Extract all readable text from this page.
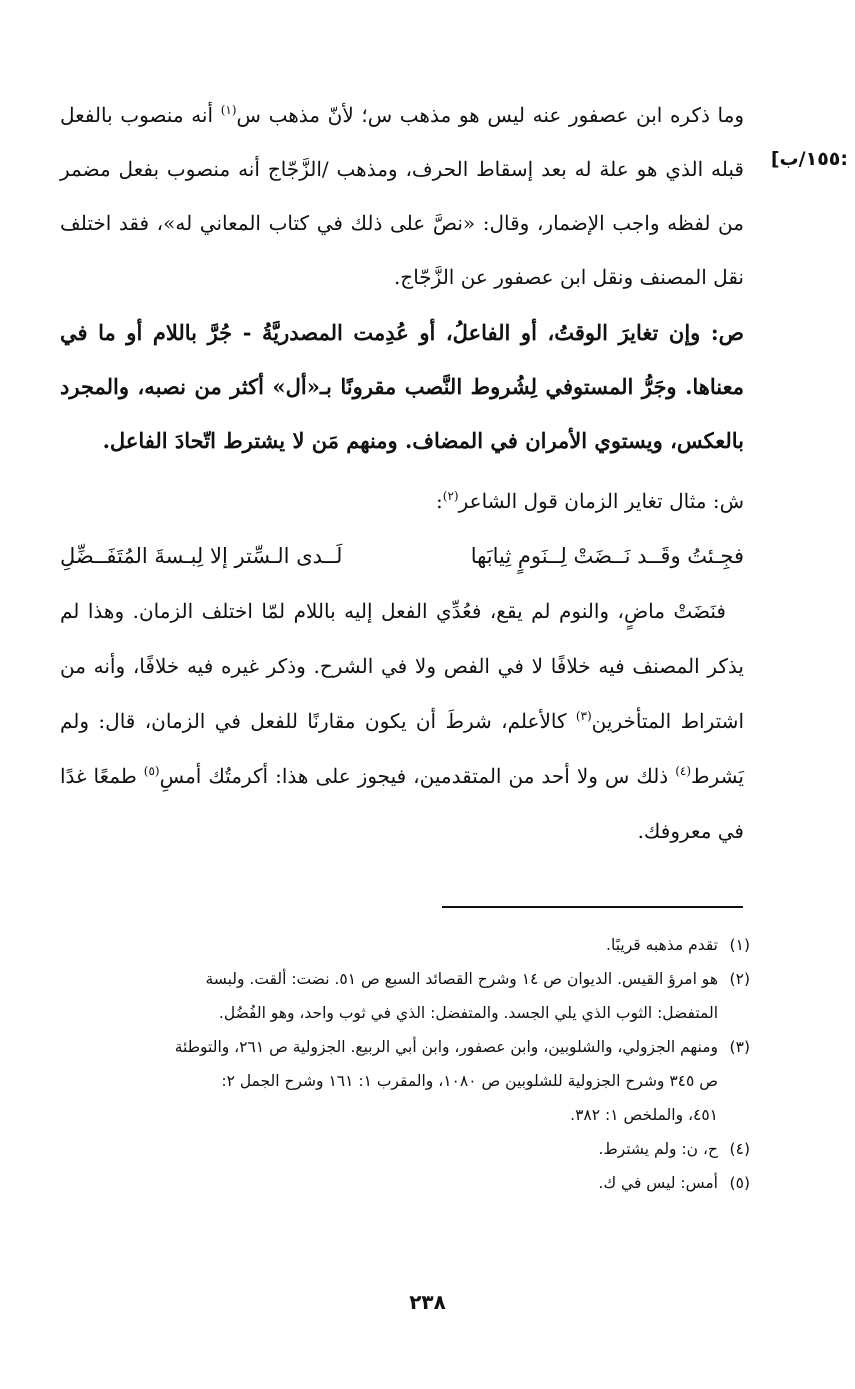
:١٥٥/ب]

وما ذكره ابن عصفور عنه ليس هو مذهب س؛ لأنّ مذهب س$^{(١)}$ أنه منصوب بالفعل قبله الذي هو علة له بعد إسقاط الحرف، ومذهب /الزَّجّاج أنه منصوب بفعل مضمر من لفظه واجب الإضمار، وقال: «نصَّ على ذلك في كتاب المعاني له»، فقد اختلف نقل المصنف ونقل ابن عصفور عن الزَّجّاج.

ص: وإن تغايرَ الوقتُ، أو الفاعلُ، أو عُدِمت المصدريَّةُ - جُرَّ باللام أو ما في معناها. وجَرُّ المستوفي لِشُروط النَّصب مقرونًا بـ«أل» أكثر من نصبه، والمجرد بالعكس، ويستوي الأمران في المضاف. ومنهم مَن لا يشترط اتّحادَ الفاعل.

ش: مثال تغاير الزمان قول الشاعر$^{(٢)}$:

فجِـئتُ وقَــد نَــضَتْ لِــنَومٍ ثِيابَها
لَــدى الـسِّتر إلا لِبـسةَ المُتَفَــضِّلِ

فنَضَتْ ماضٍ، والنوم لم يقع، فعُدِّي الفعل إليه باللام لمّا اختلف الزمان. وهذا لم يذكر المصنف فيه خلافًا لا في الفص ولا في الشرح. وذكر غيره فيه خلافًا، وأنه من اشتراط المتأخرين$^{(٣)}$ كالأعلم، شرطَ أن يكون مقارنًا للفعل في الزمان، قال: ولم يَشرط$^{(٤)}$ ذلك س ولا أحد من المتقدمين، فيجوز على هذا: أكرمتُك أمسِ$^{(٥)}$ طمعًا غدًا في معروفك.

(١)تقدم مذهبه قريبًا.
(٢)هو امرؤ القيس. الديوان ص ١٤ وشرح القصائد السبع ص ٥١. نضت: ألقت. ولبسة
المتفضل: الثوب الذي يلي الجسد. والمتفضل: الذي في ثوب واحد، وهو الفُضُل.
(٣)ومنهم الجزولي، والشلوبين، وابن عصفور، وابن أبي الربيع. الجزولية ص ٢٦١، والتوطئة
ص ٣٤٥ وشرح الجزولية للشلوبين ص ١٠٨٠، والمقرب ١: ١٦١ وشرح الجمل ٢:
٤٥١، والملخص ١: ٣٨٢.
(٤)ح، ن: ولم يشترط.
(٥)أمس: ليس في ك.
٢٣٨
